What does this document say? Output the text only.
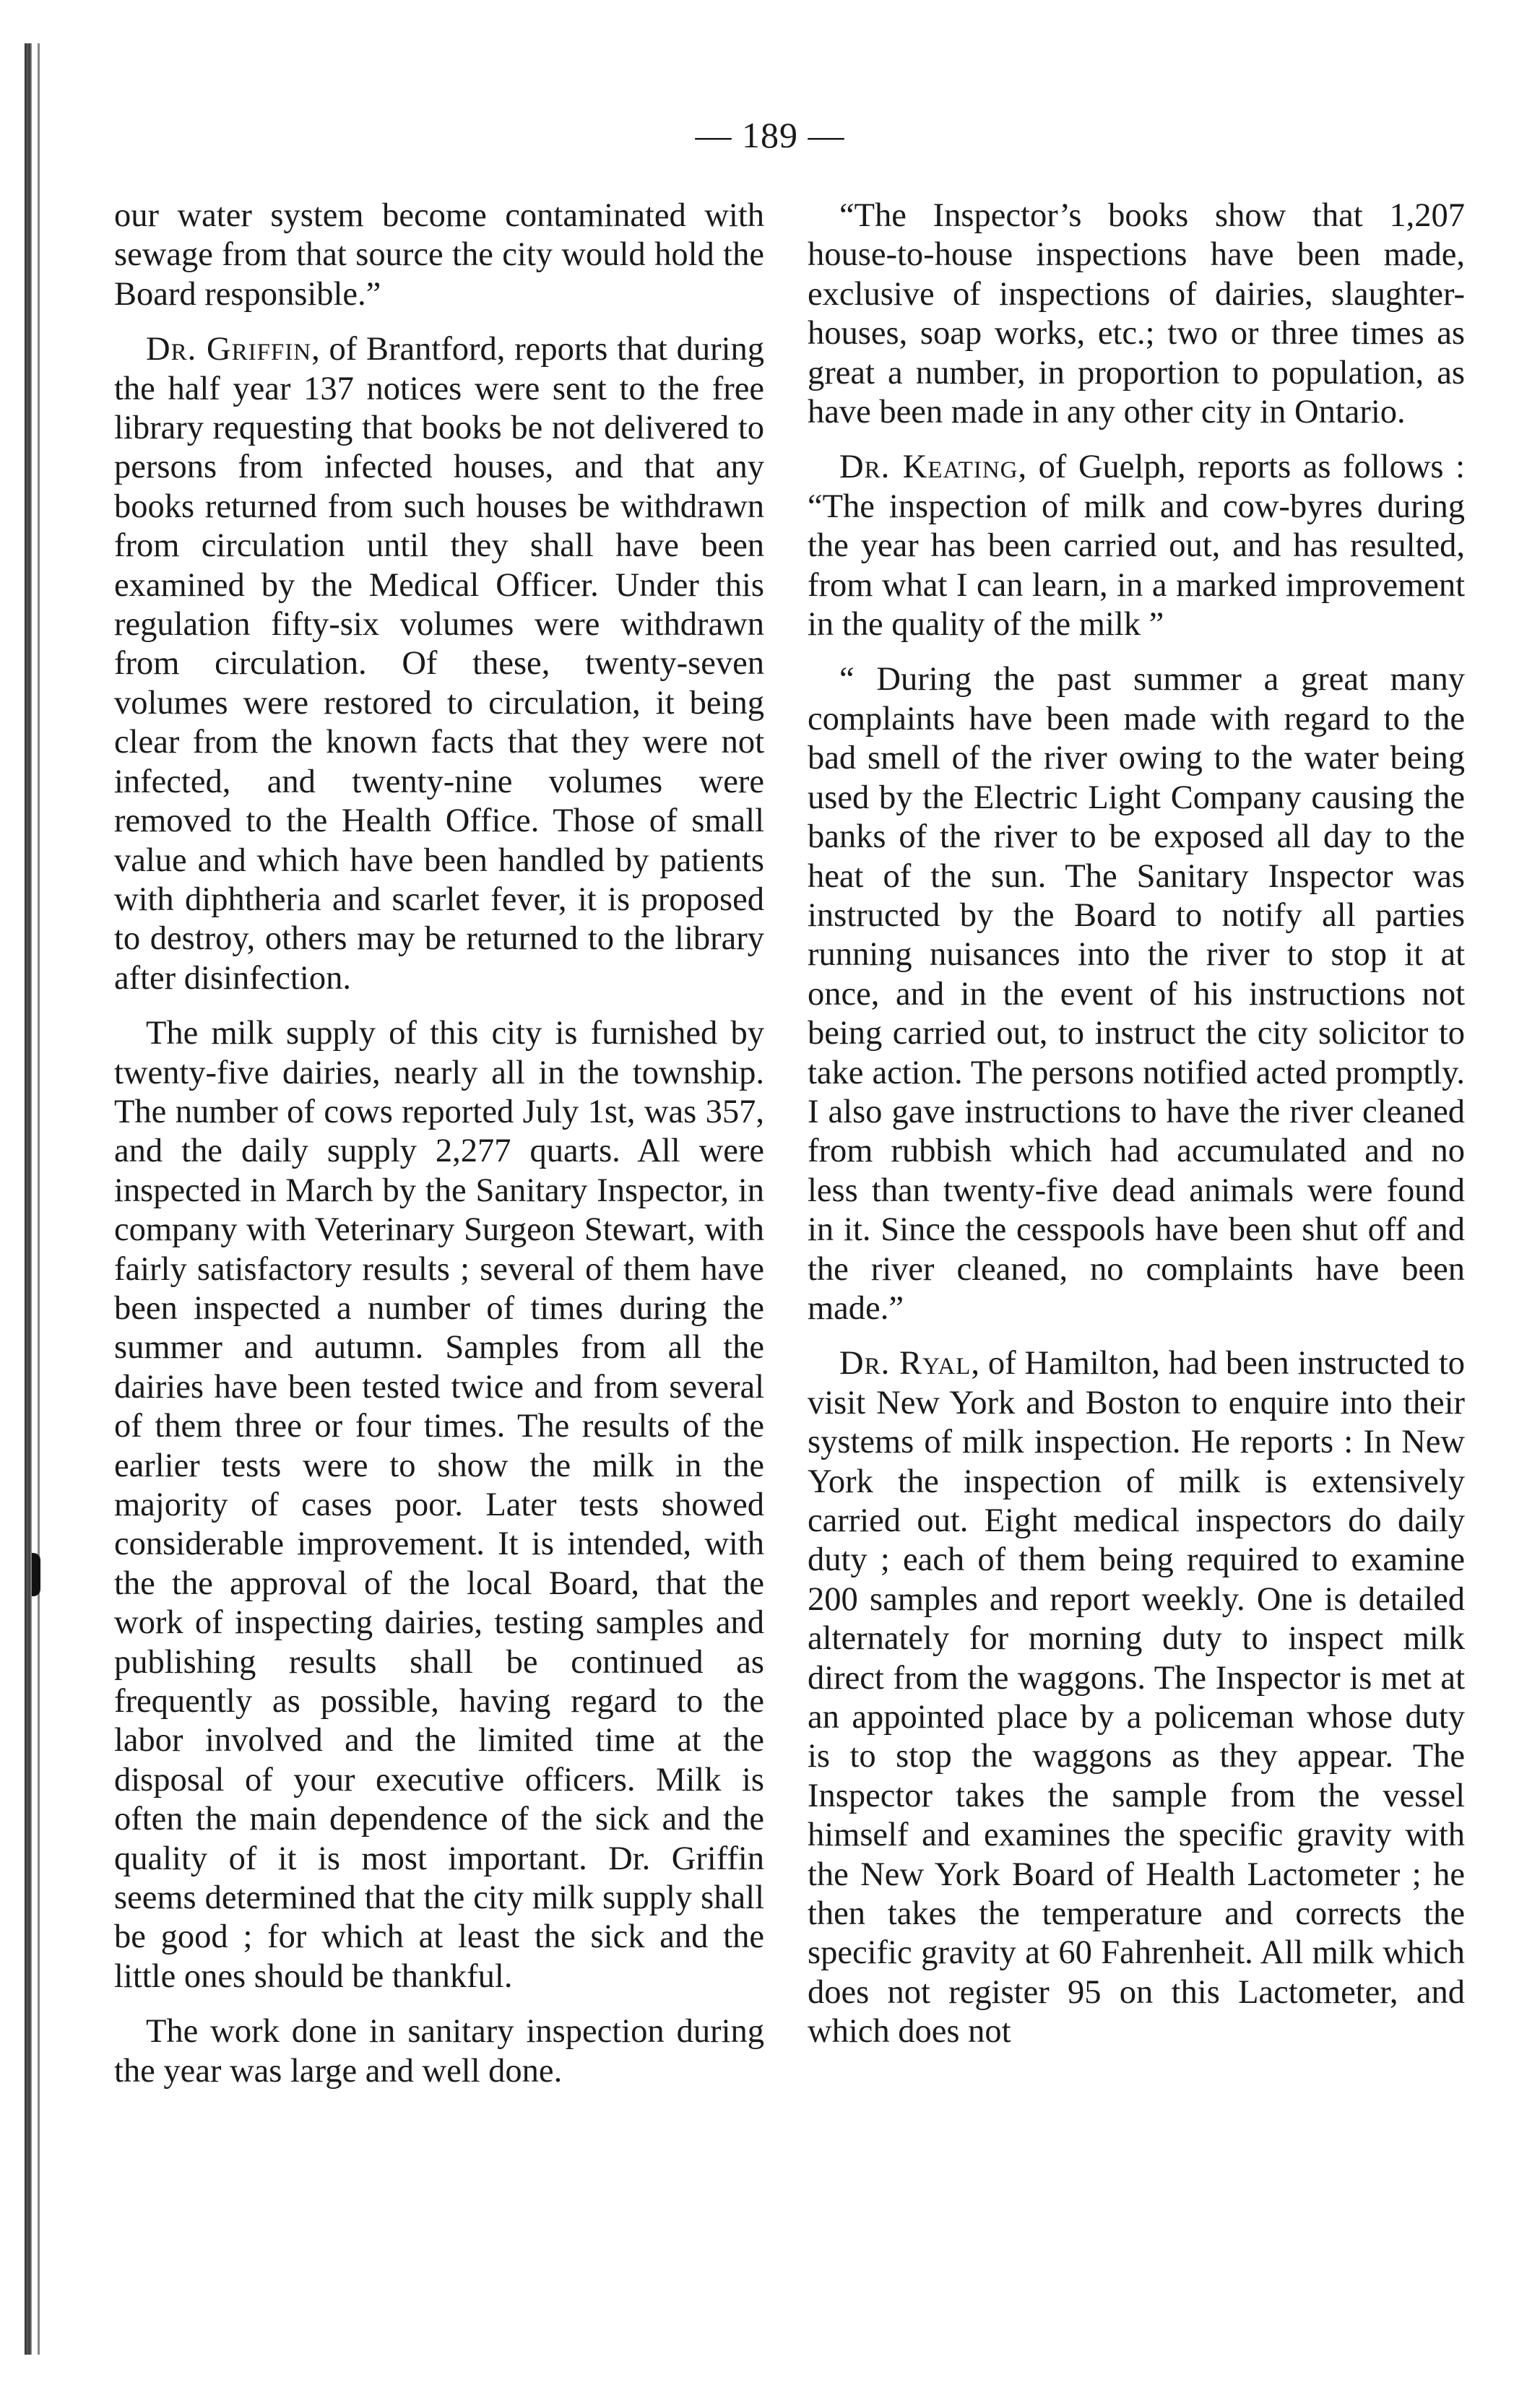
— 189 —

our water system become contaminated with sewage from that source the city would hold the Board responsible.”

Dr. Griffin, of Brantford, reports that during the half year 137 notices were sent to the free library requesting that books be not delivered to persons from infected houses, and that any books returned from such houses be withdrawn from circulation until they shall have been examined by the Medical Officer. Under this regulation fifty-six volumes were withdrawn from circulation. Of these, twenty-seven volumes were restored to circulation, it being clear from the known facts that they were not infected, and twenty-nine volumes were removed to the Health Office. Those of small value and which have been handled by patients with diphtheria and scarlet fever, it is proposed to destroy, others may be returned to the library after disinfection.

The milk supply of this city is furnished by twenty-five dairies, nearly all in the township. The number of cows reported July 1st, was 357, and the daily supply 2,277 quarts. All were inspected in March by the Sanitary Inspector, in company with Veterinary Surgeon Stewart, with fairly satisfactory results ; several of them have been inspected a number of times during the summer and autumn. Samples from all the dairies have been tested twice and from several of them three or four times. The results of the earlier tests were to show the milk in the majority of cases poor. Later tests showed considerable improvement. It is intended, with the the approval of the local Board, that the work of inspecting dairies, testing samples and publishing results shall be continued as frequently as possible, having regard to the labor involved and the limited time at the disposal of your executive officers. Milk is often the main dependence of the sick and the quality of it is most important. Dr. Griffin seems determined that the city milk supply shall be good ; for which at least the sick and the little ones should be thankful.

The work done in sanitary inspection during the year was large and well done.

“The Inspector’s books show that 1,207 house-to-house inspections have been made, exclusive of inspections of dairies, slaughter-houses, soap works, etc.; two or three times as great a number, in proportion to population, as have been made in any other city in Ontario.

Dr. Keating, of Guelph, reports as follows : “The inspection of milk and cow-byres during the year has been carried out, and has resulted, from what I can learn, in a marked improvement in the quality of the milk ”

“ During the past summer a great many complaints have been made with regard to the bad smell of the river owing to the water being used by the Electric Light Company causing the banks of the river to be exposed all day to the heat of the sun. The Sanitary Inspector was instructed by the Board to notify all parties running nuisances into the river to stop it at once, and in the event of his instructions not being carried out, to instruct the city solicitor to take action. The persons notified acted promptly. I also gave instructions to have the river cleaned from rubbish which had accumulated and no less than twenty-five dead animals were found in it. Since the cesspools have been shut off and the river cleaned, no complaints have been made.”

Dr. Ryal, of Hamilton, had been instructed to visit New York and Boston to enquire into their systems of milk inspection. He reports : In New York the inspection of milk is extensively carried out. Eight medical inspectors do daily duty ; each of them being required to examine 200 samples and report weekly. One is detailed alternately for morning duty to inspect milk direct from the waggons. The Inspector is met at an appointed place by a policeman whose duty is to stop the waggons as they appear. The Inspector takes the sample from the vessel himself and examines the specific gravity with the New York Board of Health Lactometer ; he then takes the temperature and corrects the specific gravity at 60 Fahrenheit. All milk which does not register 95 on this Lactometer, and which does not
